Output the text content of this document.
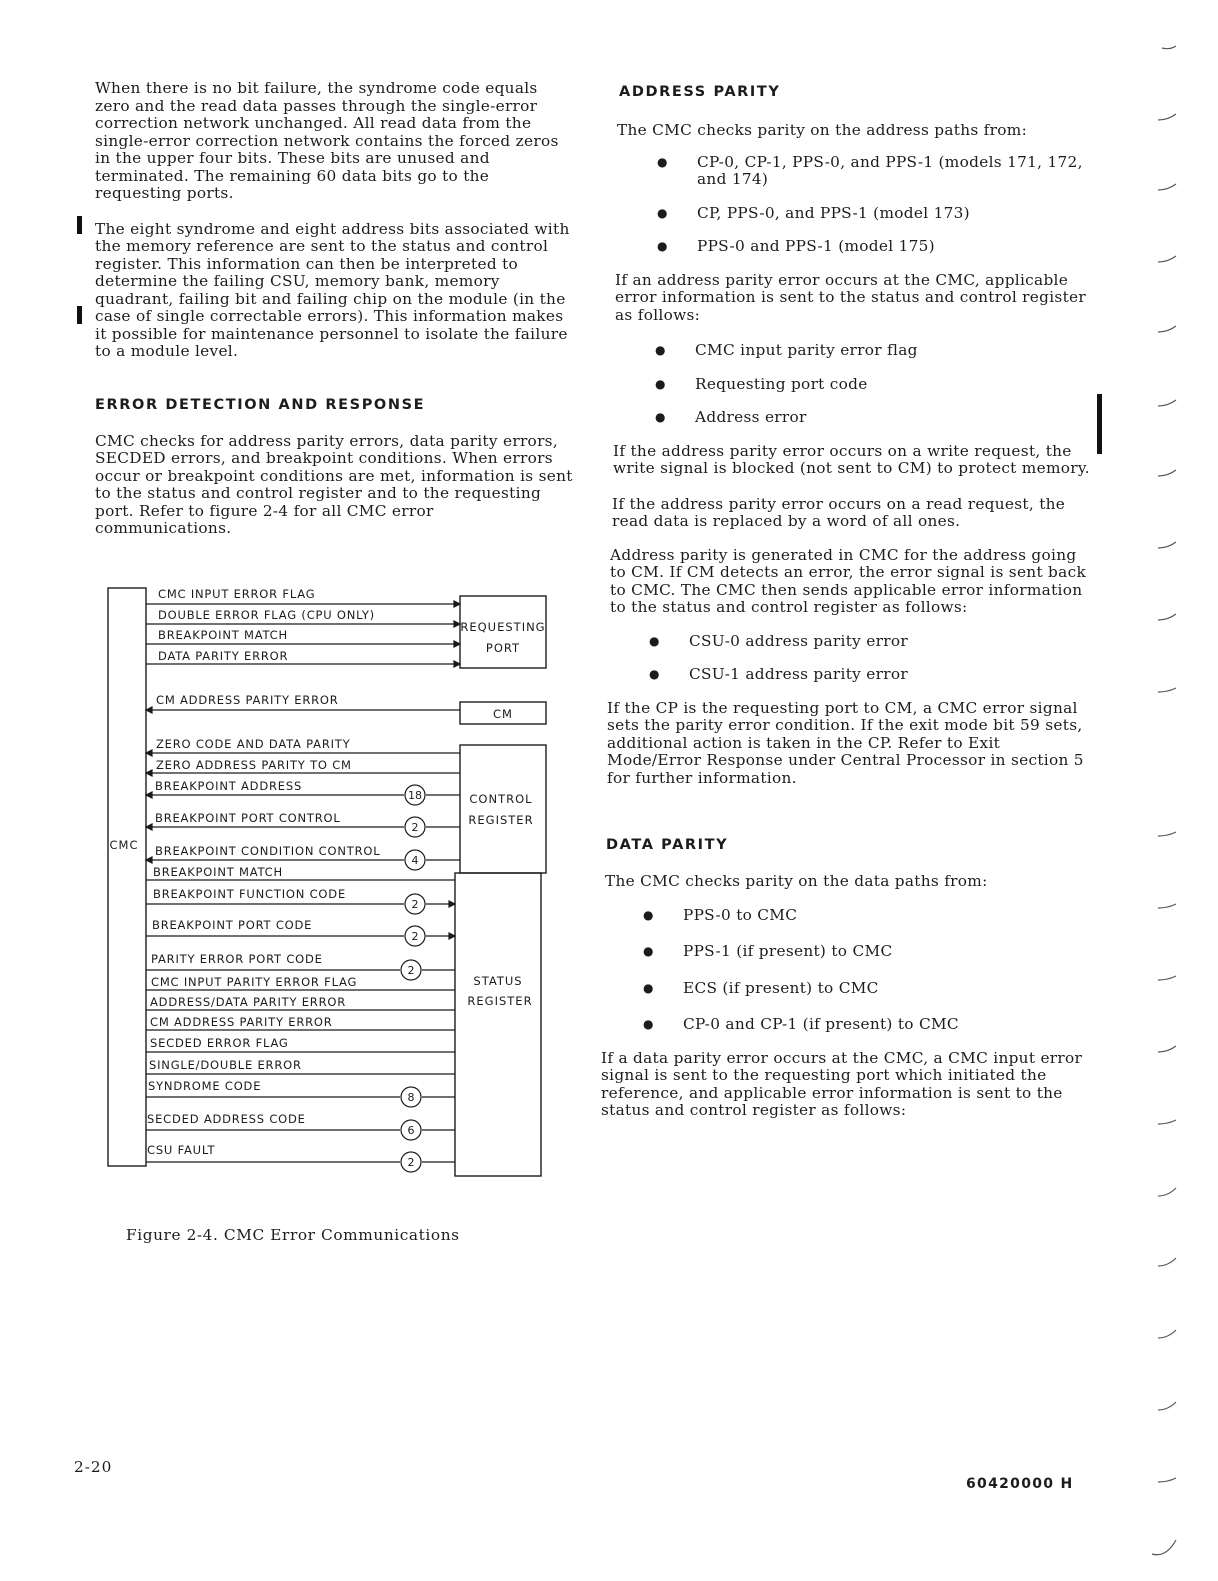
When there is no bit failure, the syndrome code equals zero and the read data passes through the single-error correction network unchanged. All read data from the single-error correction network contains the forced zeros in the upper four bits. These bits are unused and terminated. The remaining 60 data bits go to the requesting ports.

The eight syndrome and eight address bits associated with the memory reference are sent to the status and control register. This information can then be interpreted to determine the failing CSU, memory bank, memory quadrant, failing bit and failing chip on the module (in the case of single correctable errors). This information makes it possible for maintenance personnel to isolate the failure to a module level.

ERROR DETECTION AND RESPONSE

CMC checks for address parity errors, data parity errors, SECDED errors, and breakpoint conditions. When errors occur or breakpoint conditions are met, information is sent to the status and control register and to the requesting port. Refer to figure 2-4 for all CMC error communications.

18
2
4
2
2
2
8
6
2
CMC INPUT ERROR FLAG
DOUBLE ERROR FLAG (CPU ONLY)
BREAKPOINT MATCH
DATA PARITY ERROR
CM ADDRESS PARITY ERROR
ZERO CODE AND DATA PARITY
ZERO ADDRESS PARITY TO CM
BREAKPOINT ADDRESS
BREAKPOINT PORT CONTROL
BREAKPOINT CONDITION CONTROL
BREAKPOINT MATCH
BREAKPOINT FUNCTION CODE
BREAKPOINT PORT CODE
PARITY ERROR PORT CODE
CMC INPUT PARITY ERROR FLAG
ADDRESS/DATA PARITY ERROR
CM ADDRESS PARITY ERROR
SECDED ERROR FLAG
SINGLE/DOUBLE ERROR
SYNDROME CODE
SECDED ADDRESS CODE
CSU FAULT
CMC
REQUESTING
PORT
CM
CONTROL
REGISTER
STATUS
REGISTER
Figure 2-4. CMC Error Communications
ADDRESS PARITY

The CMC checks parity on the address paths from:

● CP-0, CP-1, PPS-0, and PPS-1 (models 171, 172, and 174)
● CP, PPS-0, and PPS-1 (model 173)
● PPS-0 and PPS-1 (model 175)

If an address parity error occurs at the CMC, applicable error information is sent to the status and control register as follows:

● CMC input parity error flag
● Requesting port code
● Address error

If the address parity error occurs on a write request, the write signal is blocked (not sent to CM) to protect memory.

If the address parity error occurs on a read request, the read data is replaced by a word of all ones.

Address parity is generated in CMC for the address going to CM. If CM detects an error, the error signal is sent back to CMC. The CMC then sends applicable error information to the status and control register as follows:

● CSU-0 address parity error
● CSU-1 address parity error

If the CP is the requesting port to CM, a CMC error signal sets the parity error condition. If the exit mode bit 59 sets, additional action is taken in the CP. Refer to Exit Mode/Error Response under Central Processor in section 5 for further information.

DATA PARITY

The CMC checks parity on the data paths from:

● PPS-0 to CMC
● PPS-1 (if present) to CMC
● ECS (if present) to CMC
● CP-0 and CP-1 (if present) to CMC

If a data parity error occurs at the CMC, a CMC input error signal is sent to the requesting port which initiated the reference, and applicable error information is sent to the status and control register as follows:

2-20
60420000 H
